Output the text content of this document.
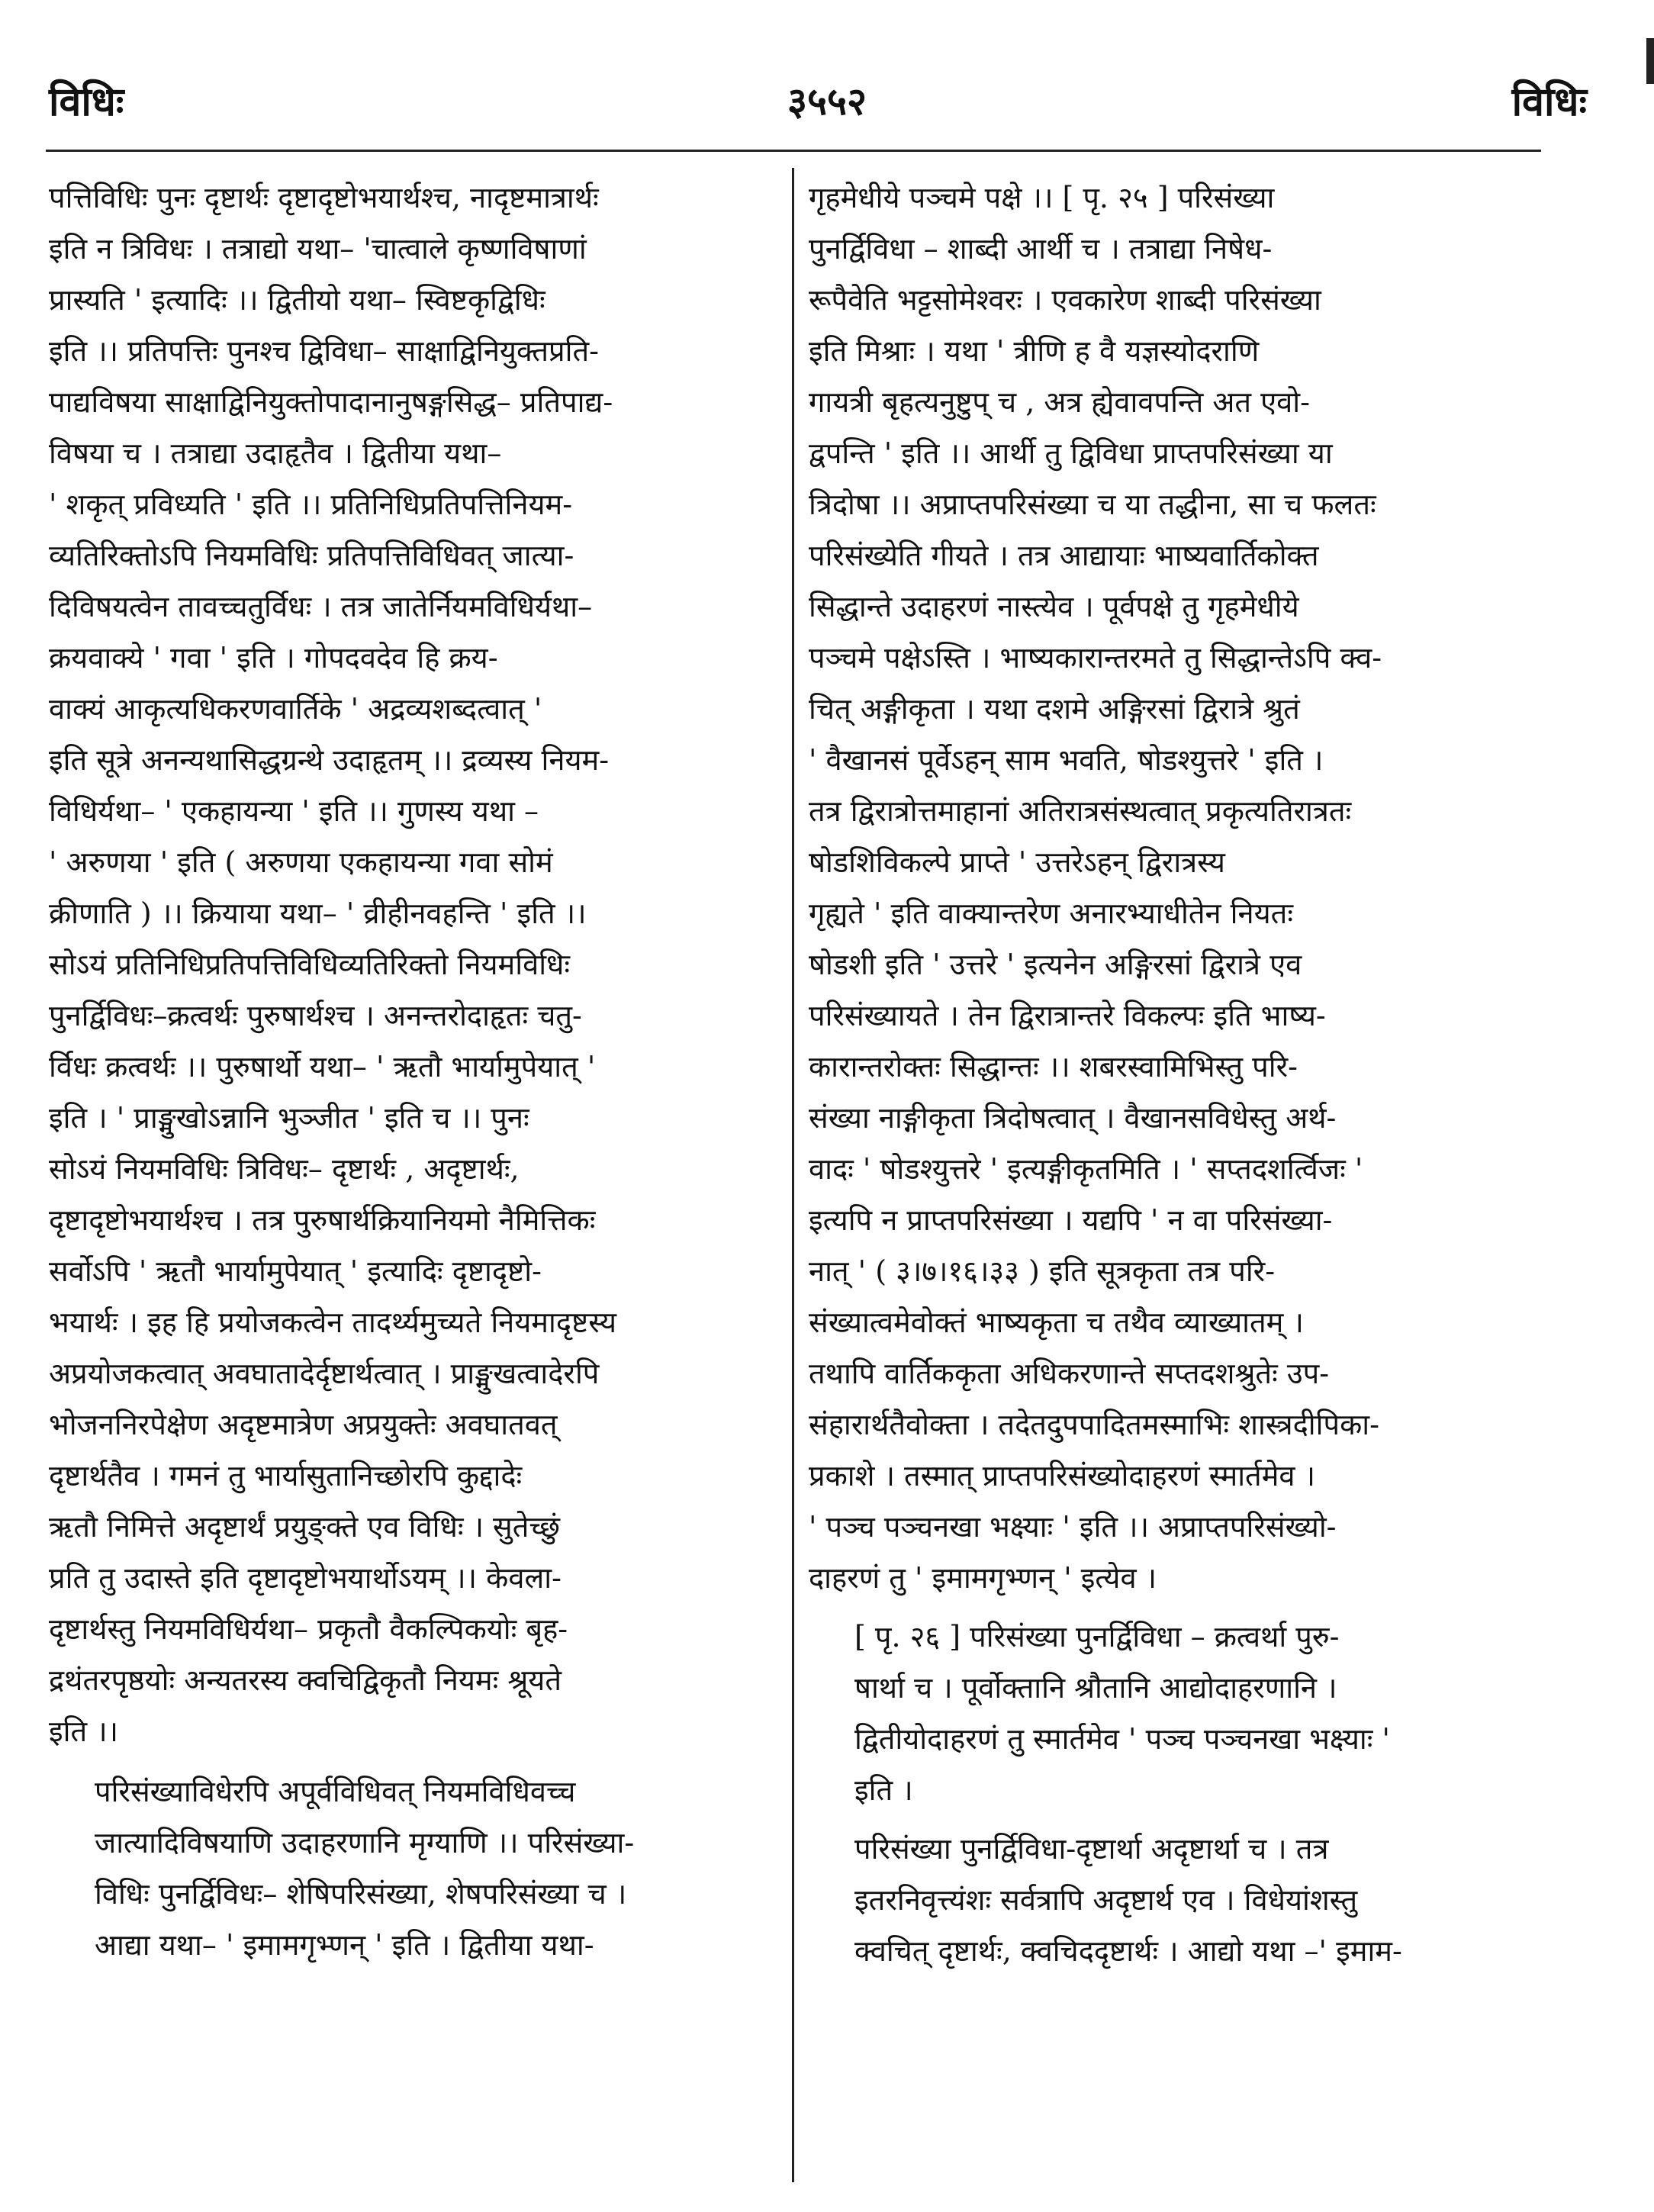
विधिः	३५५२	विधिः

पत्तिविधिः पुनः दृष्टार्थः दृष्टादृष्टोभयार्थश्च, नादृष्टमात्रार्थः
इति न त्रिविधः । तत्राद्यो यथा– 'चात्वाले कृष्णविषाणां
प्रास्यति ' इत्यादिः ।। द्वितीयो यथा– स्विष्टकृद्विधिः
इति ।। प्रतिपत्तिः पुनश्च द्विविधा– साक्षाद्विनियुक्तप्रति-
पाद्यविषया साक्षाद्विनियुक्तोपादानानुषङ्गसिद्ध– प्रतिपाद्य-
विषया च । तत्राद्या उदाहृतैव । द्वितीया यथा–
' शकृत् प्रविध्यति ' इति ।। प्रतिनिधिप्रतिपत्तिनियम-
व्यतिरिक्तोऽपि नियमविधिः प्रतिपत्तिविधिवत् जात्या-
दिविषयत्वेन तावच्चतुर्विधः । तत्र जातेर्नियमविधिर्यथा–
क्रयवाक्ये ' गवा ' इति । गोपदवदेव हि क्रय-
वाक्यं आकृत्यधिकरणवार्तिके ' अद्रव्यशब्दत्वात् '
इति सूत्रे अनन्यथासिद्धग्रन्थे उदाहृतम् ।। द्रव्यस्य नियम-
विधिर्यथा– ' एकहायन्या ' इति ।। गुणस्य यथा –
' अरुणया ' इति ( अरुणया एकहायन्या गवा सोमं
क्रीणाति ) ।। क्रियाया यथा– ' व्रीहीनवहन्ति ' इति ।।
सोऽयं प्रतिनिधिप्रतिपत्तिविधिव्यतिरिक्तो नियमविधिः
पुनर्द्विविधः–क्रत्वर्थः पुरुषार्थश्च । अनन्तरोदाहृतः चतु-
र्विधः क्रत्वर्थः ।। पुरुषार्थो यथा– ' ऋतौ भार्यामुपेयात् '
इति । ' प्राङ्मुखोऽन्नानि भुञ्जीत ' इति च ।। पुनः
सोऽयं नियमविधिः त्रिविधः– दृष्टार्थः , अदृष्टार्थः,
दृष्टादृष्टोभयार्थश्च । तत्र पुरुषार्थक्रियानियमो नैमित्तिकः
सर्वोऽपि ' ऋतौ भार्यामुपेयात् ' इत्यादिः दृष्टादृष्टो-
भयार्थः । इह हि प्रयोजकत्वेन तादर्थ्यमुच्यते नियमादृष्टस्य
अप्रयोजकत्वात् अवघातादेर्दृष्टार्थत्वात् । प्राङ्मुखत्वादेरपि
भोजननिरपेक्षेण अदृष्टमात्रेण अप्रयुक्तेः अवघातवत्
दृष्टार्थतैव । गमनं तु भार्यासुतानिच्छोरपि कुद्दादेः
ऋतौ निमित्ते अदृष्टार्थं प्रयुङ्क्ते एव विधिः । सुतेच्छुं
प्रति तु उदास्ते इति दृष्टादृष्टोभयार्थोऽयम् ।। केवला-
दृष्टार्थस्तु नियमविधिर्यथा– प्रकृतौ वैकल्पिकयोः बृह-
द्रथंतरपृष्ठयोः अन्यतरस्य क्वचिद्विकृतौ नियमः श्रूयते
इति ।।

परिसंख्याविधेरपि अपूर्वविधिवत् नियमविधिवच्च
जात्यादिविषयाणि उदाहरणानि मृग्याणि ।। परिसंख्या-
विधिः पुनर्द्विविधः– शेषिपरिसंख्या, शेषपरिसंख्या च ।
आद्या यथा– ' इमामगृभ्णन् ' इति । द्वितीया यथा-

गृहमेधीये पञ्चमे पक्षे ।। [ पृ. २५ ] परिसंख्या
पुनर्द्विविधा – शाब्दी आर्थी च । तत्राद्या निषेध-
रूपैवेति भट्टसोमेश्वरः । एवकारेण शाब्दी परिसंख्या
इति मिश्राः । यथा ' त्रीणि ह वै यज्ञस्योदराणि
गायत्री बृहत्यनुष्टुप् च , अत्र ह्येवावपन्ति अत एवो-
द्वपन्ति ' इति ।। आर्थी तु द्विविधा प्राप्तपरिसंख्या या
त्रिदोषा ।। अप्राप्तपरिसंख्या च या तद्धीना, सा च फलतः
परिसंख्येति गीयते । तत्र आद्यायाः भाष्यवार्तिकोक्त
सिद्धान्ते उदाहरणं नास्त्येव । पूर्वपक्षे तु गृहमेधीये
पञ्चमे पक्षेऽस्ति । भाष्यकारान्तरमते तु सिद्धान्तेऽपि क्व-
चित् अङ्गीकृता । यथा दशमे अङ्गिरसां द्विरात्रे श्रुतं
' वैखानसं पूर्वेऽहन् साम भवति, षोडश्युत्तरे ' इति ।
तत्र द्विरात्रोत्तमाहानां अतिरात्रसंस्थत्वात् प्रकृत्यतिरात्रतः
षोडशिविकल्पे प्राप्ते ' उत्तरेऽहन् द्विरात्रस्य
गृह्यते ' इति वाक्यान्तरेण अनारभ्याधीतेन नियतः
षोडशी इति ' उत्तरे ' इत्यनेन अङ्गिरसां द्विरात्रे एव
परिसंख्यायते । तेन द्विरात्रान्तरे विकल्पः इति भाष्य-
कारान्तरोक्तः सिद्धान्तः ।। शबरस्वामिभिस्तु परि-
संख्या नाङ्गीकृता त्रिदोषत्वात् । वैखानसविधेस्तु अर्थ-
वादः ' षोडश्युत्तरे ' इत्यङ्गीकृतमिति । ' सप्तदशर्त्विजः '
इत्यपि न प्राप्तपरिसंख्या । यद्यपि ' न वा परिसंख्या-
नात् ' ( ३।७।१६।३३ ) इति सूत्रकृता तत्र परि-
संख्यात्वमेवोक्तं भाष्यकृता च तथैव व्याख्यातम् ।
तथापि वार्तिककृता अधिकरणान्ते सप्तदशश्रुतेः उप-
संहारार्थतैवोक्ता । तदेतदुपपादितमस्माभिः शास्त्रदीपिका-
प्रकाशे । तस्मात् प्राप्तपरिसंख्योदाहरणं स्मार्तमेव ।
' पञ्च पञ्चनखा भक्ष्याः ' इति ।। अप्राप्तपरिसंख्यो-
दाहरणं तु ' इमामगृभ्णन् ' इत्येव ।

[ पृ. २६ ] परिसंख्या पुनर्द्विविधा – क्रत्वर्था पुरु-
षार्था च । पूर्वोक्तानि श्रौतानि आद्योदाहरणानि ।
द्वितीयोदाहरणं तु स्मार्तमेव ' पञ्च पञ्चनखा भक्ष्याः '
इति ।

परिसंख्या पुनर्द्विविधा-दृष्टार्था अदृष्टार्था च । तत्र
इतरनिवृत्त्यंशः सर्वत्रापि अदृष्टार्थ एव । विधेयांशस्तु
क्वचित् दृष्टार्थः, क्वचिददृष्टार्थः । आद्यो यथा –' इमाम-
